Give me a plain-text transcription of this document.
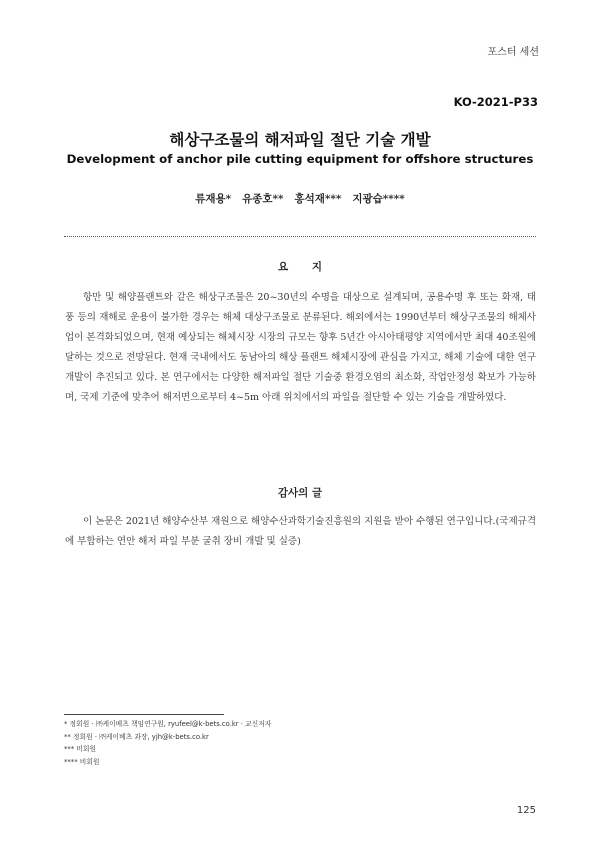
포스터 세션
KO-2021-P33
해상구조물의 해저파일 절단 기술 개발
Development of anchor pile cutting equipment for offshore structures
류재용* 유종호** 홍석재*** 지광습****
요 지

항만 및 해양플랜트와 같은 해상구조물은 20~30년의 수명을 대상으로 설계되며, 공용수명 후 또는 화재, 태풍 등의 재해로 운용이 불가한 경우는 해체 대상구조물로 분류된다. 해외에서는 1990년부터 해상구조물의 해체사업이 본격화되었으며, 현재 예상되는 해체시장 시장의 규모는 향후 5년간 아시아태평양 지역에서만 최대 40조원에 달하는 것으로 전망된다. 현재 국내에서도 동남아의 해상 플랜트 해체시장에 관심을 가지고, 해체 기술에 대한 연구개발이 추진되고 있다. 본 연구에서는 다양한 해저파일 절단 기술중 환경오염의 최소화, 작업안정성 확보가 가능하며, 국제 기준에 맞추어 해저면으로부터 4~5m 아래 위치에서의 파일을 절단할 수 있는 기술을 개발하였다.

감사의 글

이 논문은 2021년 해양수산부 재원으로 해양수산과학기술진흥원의 지원을 받아 수행된 연구입니다.(국제규격에 부합하는 연안 해저 파일 부분 굴취 장비 개발 및 실증)

* 정회원 · ㈜케이베츠 책임연구원, ryufeel@k-bets.co.kr · 교신저자
** 정회원 · ㈜케이베츠 과장, yjh@k-bets.co.kr
*** 비회원
**** 비회원
125
